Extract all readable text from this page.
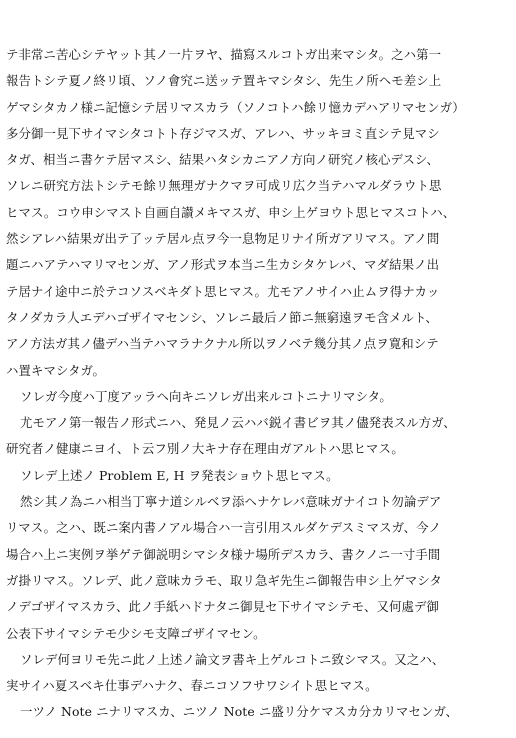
テ非常ニ苦心シテヤット其ノ一片ヲヤ、描寫スルコトガ出来マシタ。之ハ第一
報告トシテ夏ノ終リ頃、ソノ會究ニ送ッテ置キマシタシ、先生ノ所ヘモ差シ上
ゲマシタカノ様ニ記憶シテ居リマスカラ（ソノコトハ餘リ憶カデハアリマセンガ）
多分御一見下サイマシタコトト存ジマスガ、アレハ、サッキヨミ直シテ見マシ
タガ、相当ニ書ケテ居マスシ、結果ハタシカニアノ方向ノ研究ノ核心デスシ、
ソレニ研究方法トシテモ餘リ無理ガナクマヲ可成リ広ク当テハマルダラウト思
ヒマス。コウ申シマスト自画自讃メキマスガ、申シ上ゲヨウト思ヒマスコトハ、
然シアレハ結果ガ出テ了ッテ居ル点ヲ今一息物足リナイ所ガアリマス。アノ問
題ニハアテハマリマセンガ、アノ形式ヲ本当ニ生カシタケレバ、マダ結果ノ出
テ居ナイ途中ニ於テコソスベキダト思ヒマス。尤モアノサイハ止ムヲ得ナカッ
タノダカラ人エデハゴザイマセンシ、ソレニ最后ノ節ニ無窮遠ヲモ含メルト、
アノ方法ガ其ノ儘デハ当テハマラナクナル所以ヲノベテ幾分其ノ点ヲ寛和シテ
ハ置キマシタガ。
ソレガ今度ハ丁度アッラヘ向キニソレガ出来ルコトニナリマシタ。
尤モアノ第一報告ノ形式ニハ、発見ノ云ハバ鋭イ書ビヲ其ノ儘発表スル方ガ、
研究者ノ健康ニヨイ、ト云フ別ノ大キナ存在理由ガアルトハ思ヒマス。
ソレデ上述ノ Problem E, H ヲ発表ショウト思ヒマス。
然シ其ノ為ニハ相当丁寧ナ道シルベヲ添ヘナケレバ意味ガナイコト勿論デア
リマス。之ハ、既ニ案内書ノアル場合ハ一言引用スルダケデスミマスガ、今ノ
場合ハ上ニ実例ヲ挙ゲテ御説明シマシタ様ナ場所デスカラ、書クノニ一寸手間
ガ掛リマス。ソレデ、此ノ意味カラモ、取リ急ギ先生ニ御報告申シ上ゲマシタ
ノデゴザイマスカラ、此ノ手紙ハドナタニ御見セ下サイマシテモ、又何處デ御
公表下サイマシテモ少シモ支障ゴザイマセン。
ソレデ何ヨリモ先ニ此ノ上述ノ論文ヲ書キ上ゲルコトニ致シマス。又之ハ、
実サイハ夏スベキ仕事デハナク、春ニコソフサワシイト思ヒマス。
一ツノ Note ニナリマスカ、ニツノ Note ニ盛リ分ケマスカ分カリマセンガ、
